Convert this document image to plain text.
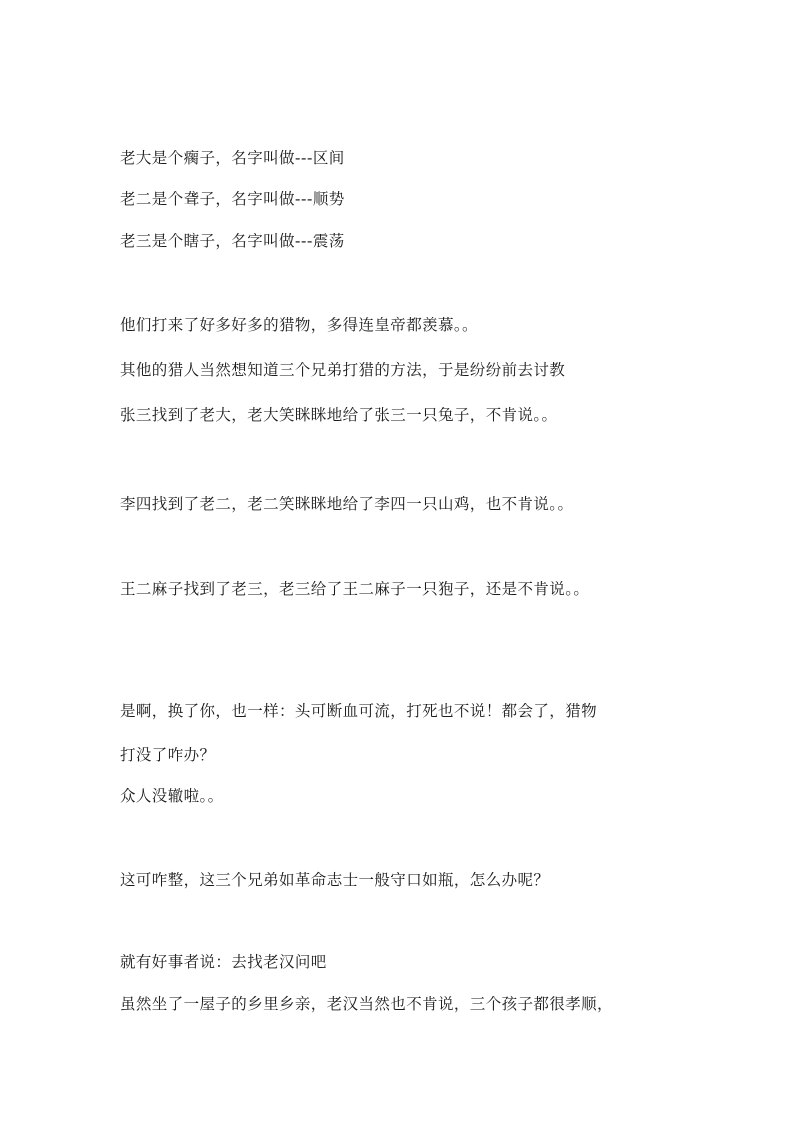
老大是个瘸子，名字叫做---区间

老二是个聋子，名字叫做---顺势

老三是个瞎子，名字叫做---震荡

他们打来了好多好多的猎物，多得连皇帝都羡慕。。

其他的猎人当然想知道三个兄弟打猎的方法，于是纷纷前去讨教

张三找到了老大，老大笑眯眯地给了张三一只兔子，不肯说。。

李四找到了老二，老二笑眯眯地给了李四一只山鸡，也不肯说。。

王二麻子找到了老三，老三给了王二麻子一只狍子，还是不肯说。。

是啊，换了你，也一样：头可断血可流，打死也不说！都会了，猎物

打没了咋办？

众人没辙啦。。

这可咋整，这三个兄弟如革命志士一般守口如瓶，怎么办呢？

就有好事者说：去找老汉问吧

虽然坐了一屋子的乡里乡亲，老汉当然也不肯说，三个孩子都很孝顺，
